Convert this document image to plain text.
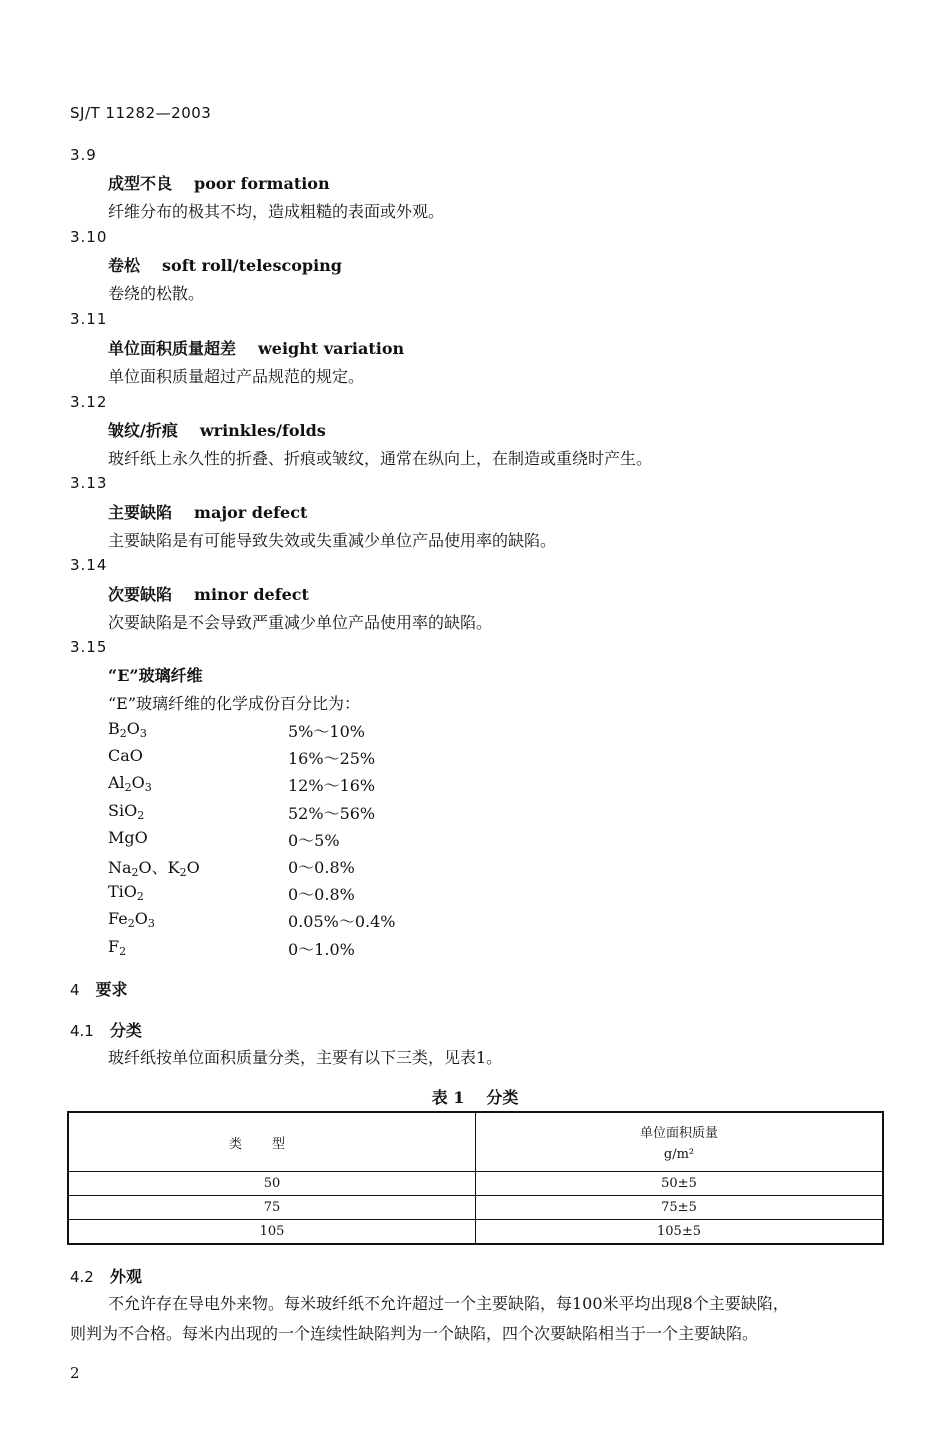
SJ/T 11282—2003
3.9
成型不良 poor formation
纤维分布的极其不均，造成粗糙的表面或外观。
3.10
卷松 soft roll/telescoping
卷绕的松散。
3.11
单位面积质量超差 weight variation
单位面积质量超过产品规范的规定。
3.12
皱纹/折痕 wrinkles/folds
玻纤纸上永久性的折叠、折痕或皱纹，通常在纵向上，在制造或重绕时产生。
3.13
主要缺陷 major defect
主要缺陷是有可能导致失效或失重减少单位产品使用率的缺陷。
3.14
次要缺陷 minor defect
次要缺陷是不会导致严重减少单位产品使用率的缺陷。
3.15
“E”玻璃纤维
“E”玻璃纤维的化学成份百分比为：
$B_2O_3$	5%～10%
CaO	16%～25%
$Al_2O_3$	12%～16%
SiO$_2$	52%～56%
MgO	0～5%
$Na_2O$、$K_2O$	0～0.8%
TiO$_2$	0～0.8%
$Fe_2O_3$	0.05%～0.4%
$F_2$	0～1.0%
4 要求
4.1 分类
玻纤纸按单位面积质量分类，主要有以下三类，见表1。
表 1 分类
类型	单位面积质量
g/m²

50	50±5
75	75±5
105	105±5
4.2 外观
不允许存在导电外来物。每米玻纤纸不允许超过一个主要缺陷，每100米平均出现8个主要缺陷，
则判为不合格。每米内出现的一个连续性缺陷判为一个缺陷，四个次要缺陷相当于一个主要缺陷。
2
